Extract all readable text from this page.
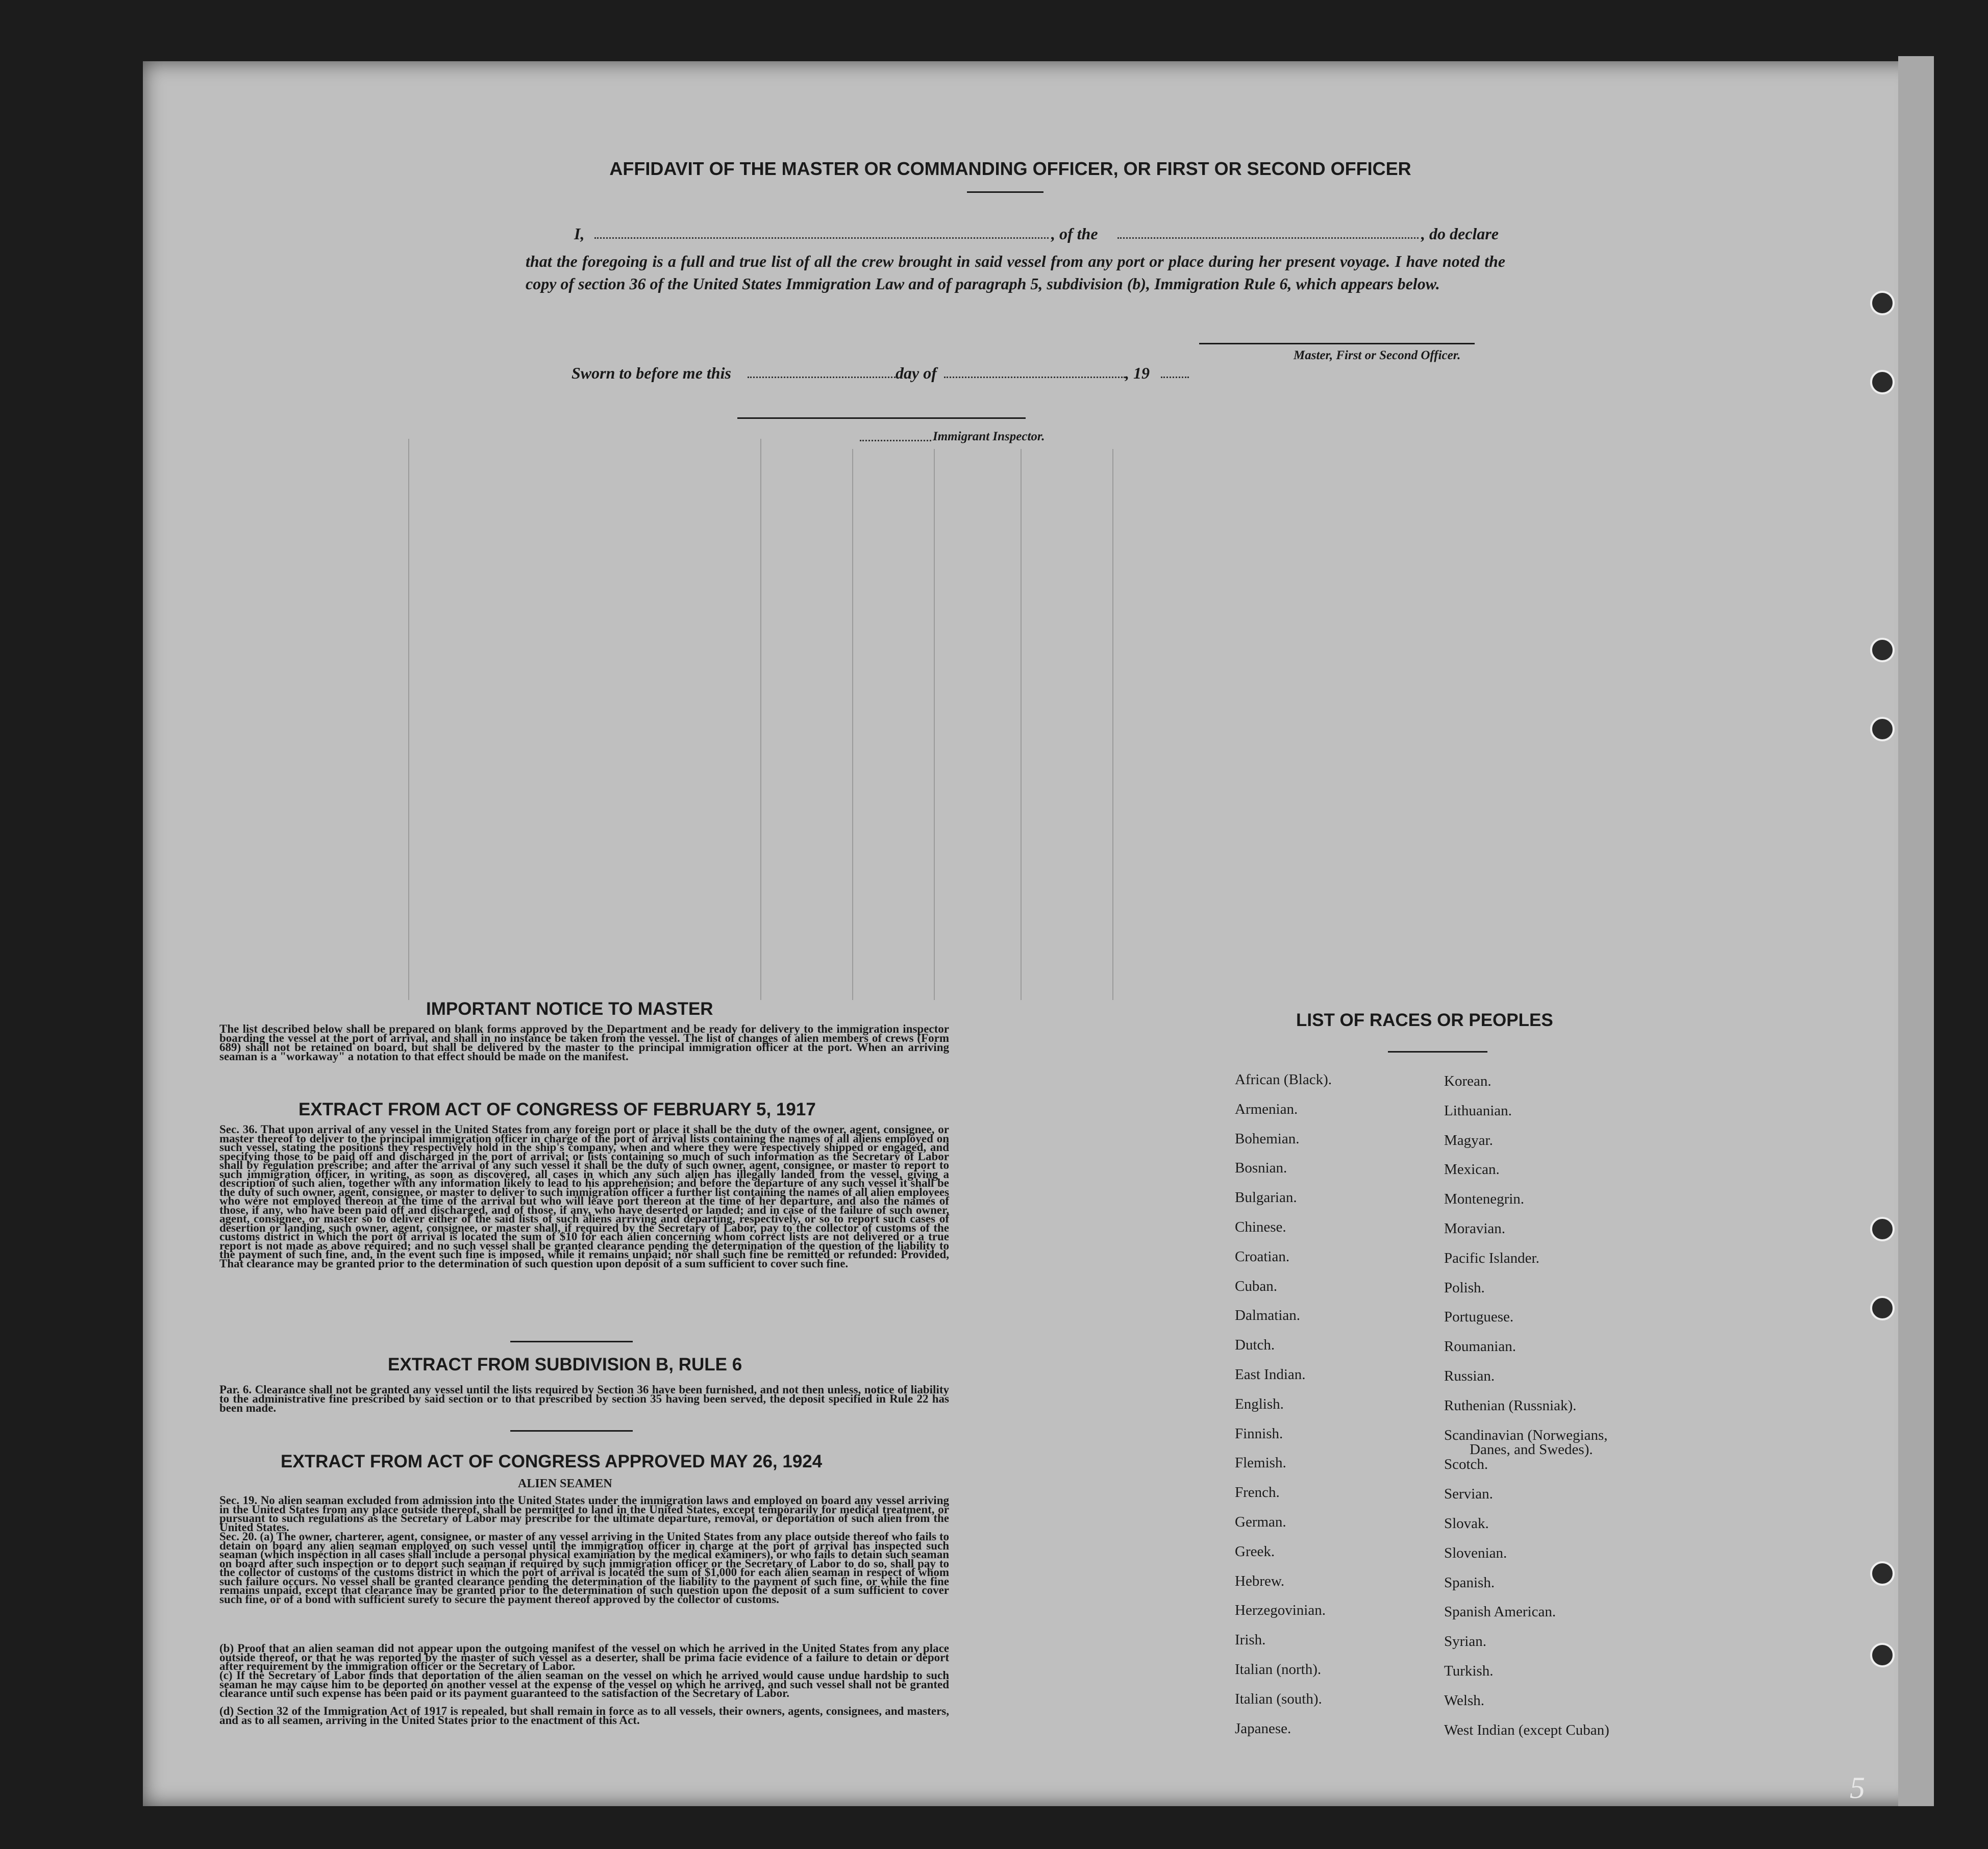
AFFIDAVIT OF THE MASTER OR COMMANDING OFFICER, OR FIRST OR SECOND OFFICER
I,	, of the	, do declare
that the foregoing is a full and true list of all the crew brought in said vessel from any port or place during her present voyage. I have noted the copy of section 36 of the United States Immigration Law and of paragraph 5, subdivision (b), Immigration Rule 6, which appears below.
Master, First or Second Officer.
Sworn to before me this	day of	, 19
Immigrant Inspector.
IMPORTANT NOTICE TO MASTER
The list described below shall be prepared on blank forms approved by the Department and be ready for delivery to the immigration inspector boarding the vessel at the port of arrival, and shall in no instance be taken from the vessel. The list of changes of alien members of crews (Form 689) shall not be retained on board, but shall be delivered by the master to the principal immigration officer at the port. When an arriving seaman is a "workaway" a notation to that effect should be made on the manifest.
EXTRACT FROM ACT OF CONGRESS OF FEBRUARY 5, 1917
Sec. 36. That upon arrival of any vessel in the United States from any foreign port or place it shall be the duty of the owner, agent, consignee, or master thereof to deliver to the principal immigration officer in charge of the port of arrival lists containing the names of all aliens employed on such vessel, stating the positions they respectively hold in the ship's company, when and where they were respectively shipped or engaged, and specifying those to be paid off and discharged in the port of arrival; or lists containing so much of such information as the Secretary of Labor shall by regulation prescribe; and after the arrival of any such vessel it shall be the duty of such owner, agent, consignee, or master to report to such immigration officer, in writing, as soon as discovered, all cases in which any such alien has illegally landed from the vessel, giving a description of such alien, together with any information likely to lead to his apprehension; and before the departure of any such vessel it shall be the duty of such owner, agent, consignee, or master to deliver to such immigration officer a further list containing the names of all alien employees who were not employed thereon at the time of the arrival but who will leave port thereon at the time of her departure, and also the names of those, if any, who have been paid off and discharged, and of those, if any, who have deserted or landed; and in case of the failure of such owner, agent, consignee, or master so to deliver either of the said lists of such aliens arriving and departing, respectively, or so to report such cases of desertion or landing, such owner, agent, consignee, or master shall, if required by the Secretary of Labor, pay to the collector of customs of the customs district in which the port of arrival is located the sum of $10 for each alien concerning whom correct lists are not delivered or a true report is not made as above required; and no such vessel shall be granted clearance pending the determination of the question of the liability to the payment of such fine, and, in the event such fine is imposed, while it remains unpaid; nor shall such fine be remitted or refunded: Provided, That clearance may be granted prior to the determination of such question upon deposit of a sum sufficient to cover such fine.
EXTRACT FROM SUBDIVISION B, RULE 6
Par. 6. Clearance shall not be granted any vessel until the lists required by Section 36 have been furnished, and not then unless, notice of liability to the administrative fine prescribed by said section or to that prescribed by section 35 having been served, the deposit specified in Rule 22 has been made.
EXTRACT FROM ACT OF CONGRESS APPROVED MAY 26, 1924
ALIEN SEAMEN
Sec. 19. No alien seaman excluded from admission into the United States under the immigration laws and employed on board any vessel arriving in the United States from any place outside thereof, shall be permitted to land in the United States, except temporarily for medical treatment, or pursuant to such regulations as the Secretary of Labor may prescribe for the ultimate departure, removal, or deportation of such alien from the United States.
Sec. 20. (a) The owner, charterer, agent, consignee, or master of any vessel arriving in the United States from any place outside thereof who fails to detain on board any alien seaman employed on such vessel until the immigration officer in charge at the port of arrival has inspected such seaman (which inspection in all cases shall include a personal physical examination by the medical examiners), or who fails to detain such seaman on board after such inspection or to deport such seaman if required by such immigration officer or the Secretary of Labor to do so, shall pay to the collector of customs of the customs district in which the port of arrival is located the sum of $1,000 for each alien seaman in respect of whom such failure occurs. No vessel shall be granted clearance pending the determination of the liability to the payment of such fine, or while the fine remains unpaid, except that clearance may be granted prior to the determination of such question upon the deposit of a sum sufficient to cover such fine, or of a bond with sufficient surety to secure the payment thereof approved by the collector of customs.
(b) Proof that an alien seaman did not appear upon the outgoing manifest of the vessel on which he arrived in the United States from any place outside thereof, or that he was reported by the master of such vessel as a deserter, shall be prima facie evidence of a failure to detain or deport after requirement by the immigration officer or the Secretary of Labor.
(c) If the Secretary of Labor finds that deportation of the alien seaman on the vessel on which he arrived would cause undue hardship to such seaman he may cause him to be deported on another vessel at the expense of the vessel on which he arrived, and such vessel shall not be granted clearance until such expense has been paid or its payment guaranteed to the satisfaction of the Secretary of Labor.
(d) Section 32 of the Immigration Act of 1917 is repealed, but shall remain in force as to all vessels, their owners, agents, consignees, and masters, and as to all seamen, arriving in the United States prior to the enactment of this Act.
LIST OF RACES OR PEOPLES
African (Black).
Armenian.
Bohemian.
Bosnian.
Bulgarian.
Chinese.
Croatian.
Cuban.
Dalmatian.
Dutch.
East Indian.
English.
Finnish.
Flemish.
French.
German.
Greek.
Hebrew.
Herzegovinian.
Irish.
Italian (north).
Italian (south).
Japanese.
Korean.
Lithuanian.
Magyar.
Mexican.
Montenegrin.
Moravian.
Pacific Islander.
Polish.
Portuguese.
Roumanian.
Russian.
Ruthenian (Russniak).
Scandinavian (Norwegians,
Danes, and Swedes).
Scotch.
Servian.
Slovak.
Slovenian.
Spanish.
Spanish American.
Syrian.
Turkish.
Welsh.
West Indian (except Cuban)
5
